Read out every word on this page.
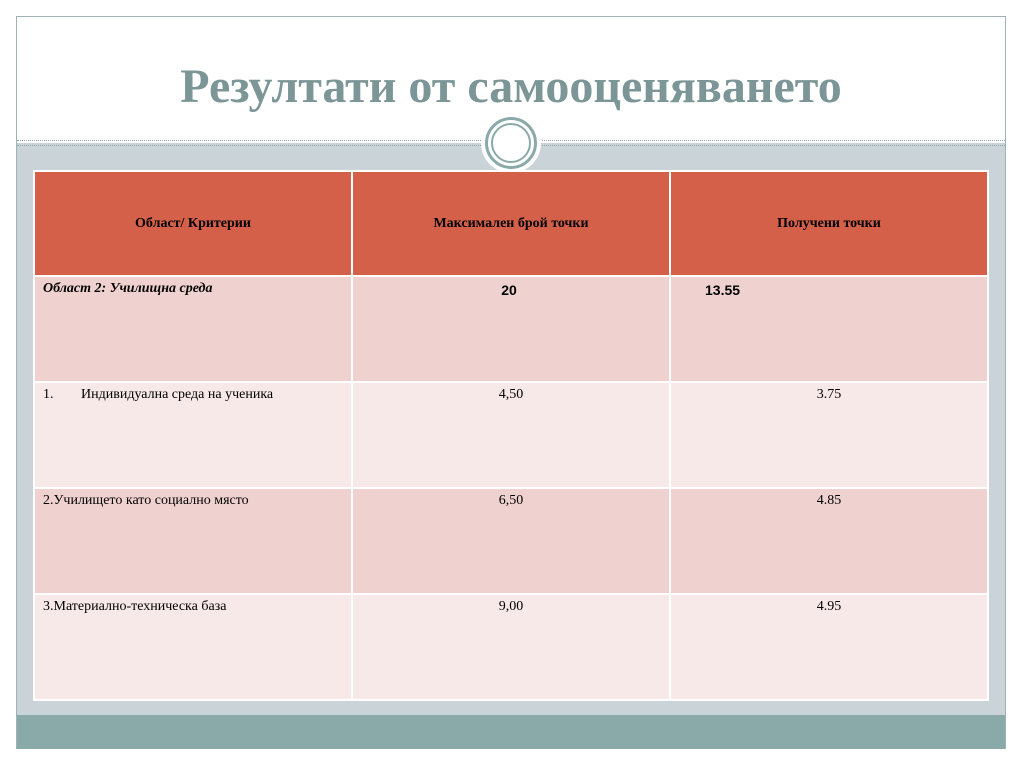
Резултати от самооценяването
Област/ Критерии	Максимален брой точки	Получени точки
Област 2: Училищна среда	20	13.55
1. Индивидуална среда на ученика	4,50	3.75
2.Училището като социално място	6,50	4.85
3.Материално-техническа база	9,00	4.95
